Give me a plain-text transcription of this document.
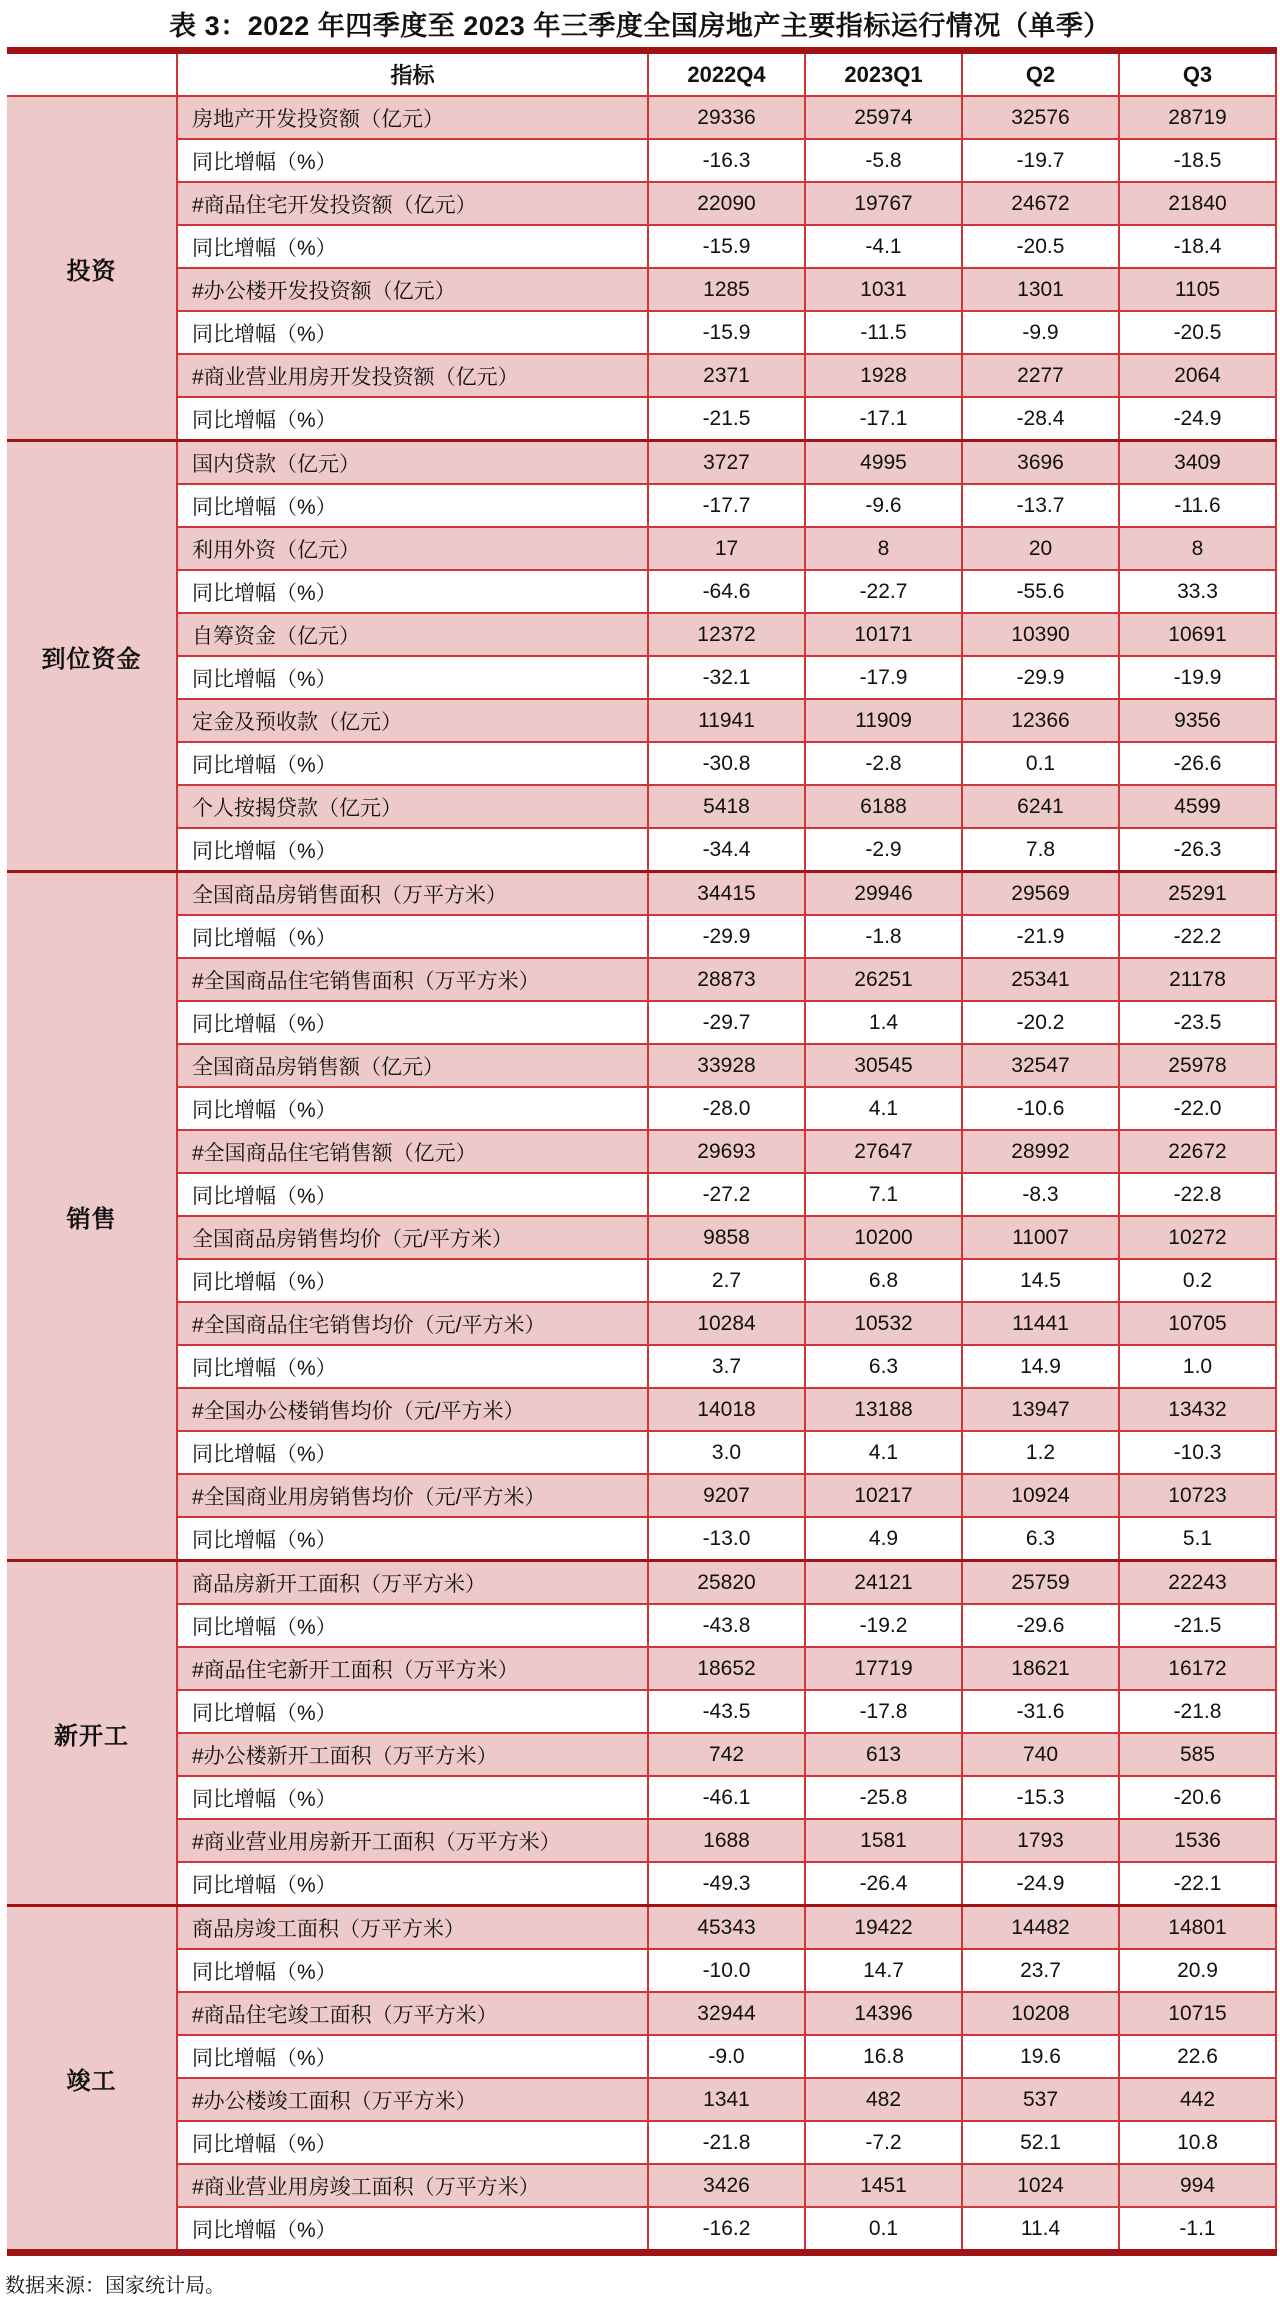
表 3：2022 年四季度至 2023 年三季度全国房地产主要指标运行情况（单季）
指标	2022Q4	2023Q1	Q2	Q3
投资
房地产开发投资额（亿元）	29336	25974	32576	28719
同比增幅（%）	-16.3	-5.8	-19.7	-18.5
#商品住宅开发投资额（亿元）	22090	19767	24672	21840
同比增幅（%）	-15.9	-4.1	-20.5	-18.4
#办公楼开发投资额（亿元）	1285	1031	1301	1105
同比增幅（%）	-15.9	-11.5	-9.9	-20.5
#商业营业用房开发投资额（亿元）	2371	1928	2277	2064
同比增幅（%）	-21.5	-17.1	-28.4	-24.9
到位资金
国内贷款（亿元）	3727	4995	3696	3409
同比增幅（%）	-17.7	-9.6	-13.7	-11.6
利用外资（亿元）	17	8	20	8
同比增幅（%）	-64.6	-22.7	-55.6	33.3
自筹资金（亿元）	12372	10171	10390	10691
同比增幅（%）	-32.1	-17.9	-29.9	-19.9
定金及预收款（亿元）	11941	11909	12366	9356
同比增幅（%）	-30.8	-2.8	0.1	-26.6
个人按揭贷款（亿元）	5418	6188	6241	4599
同比增幅（%）	-34.4	-2.9	7.8	-26.3
销售
全国商品房销售面积（万平方米）	34415	29946	29569	25291
同比增幅（%）	-29.9	-1.8	-21.9	-22.2
#全国商品住宅销售面积（万平方米）	28873	26251	25341	21178
同比增幅（%）	-29.7	1.4	-20.2	-23.5
全国商品房销售额（亿元）	33928	30545	32547	25978
同比增幅（%）	-28.0	4.1	-10.6	-22.0
#全国商品住宅销售额（亿元）	29693	27647	28992	22672
同比增幅（%）	-27.2	7.1	-8.3	-22.8
全国商品房销售均价（元/平方米）	9858	10200	11007	10272
同比增幅（%）	2.7	6.8	14.5	0.2
#全国商品住宅销售均价（元/平方米）	10284	10532	11441	10705
同比增幅（%）	3.7	6.3	14.9	1.0
#全国办公楼销售均价（元/平方米）	14018	13188	13947	13432
同比增幅（%）	3.0	4.1	1.2	-10.3
#全国商业用房销售均价（元/平方米）	9207	10217	10924	10723
同比增幅（%）	-13.0	4.9	6.3	5.1
新开工
商品房新开工面积（万平方米）	25820	24121	25759	22243
同比增幅（%）	-43.8	-19.2	-29.6	-21.5
#商品住宅新开工面积（万平方米）	18652	17719	18621	16172
同比增幅（%）	-43.5	-17.8	-31.6	-21.8
#办公楼新开工面积（万平方米）	742	613	740	585
同比增幅（%）	-46.1	-25.8	-15.3	-20.6
#商业营业用房新开工面积（万平方米）	1688	1581	1793	1536
同比增幅（%）	-49.3	-26.4	-24.9	-22.1
竣工
商品房竣工面积（万平方米）	45343	19422	14482	14801
同比增幅（%）	-10.0	14.7	23.7	20.9
#商品住宅竣工面积（万平方米）	32944	14396	10208	10715
同比增幅（%）	-9.0	16.8	19.6	22.6
#办公楼竣工面积（万平方米）	1341	482	537	442
同比增幅（%）	-21.8	-7.2	52.1	10.8
#商业营业用房竣工面积（万平方米）	3426	1451	1024	994
同比增幅（%）	-16.2	0.1	11.4	-1.1
数据来源：国家统计局。
